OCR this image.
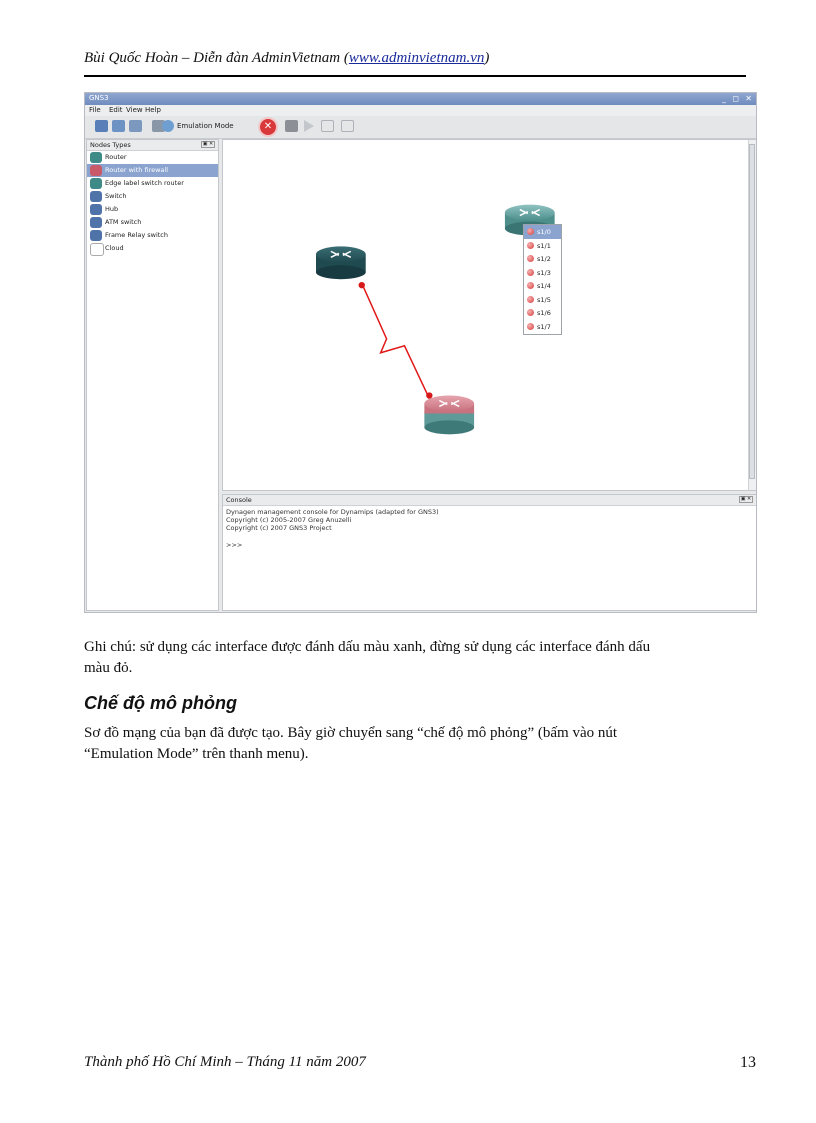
Bùi Quốc Hoàn – Diễn đàn AdminVietnam (www.adminvietnam.vn)
GNS3	_ ◻ ✕
File Edit View Help
Emulation Mode	✕
Nodes Types	▣ ✕
Router
Router with firewall
Edge label switch router
Switch
Hub
ATM switch
Frame Relay switch
Cloud
s1/0
s1/1
s1/2
s1/3
s1/4
s1/5
s1/6
s1/7
Console	▣ ✕
Dynagen management console for Dynamips (adapted for GNS3)
Copyright (c) 2005-2007 Greg Anuzelli
Copyright (c) 2007 GNS3 Project
>>>
Ghi chú: sử dụng các interface được đánh dấu màu xanh, đừng sử dụng các interface đánh dấu
màu đỏ.
Chế độ mô phỏng
Sơ đồ mạng của bạn đã được tạo. Bây giờ chuyển sang “chế độ mô phỏng” (bấm vào nút
“Emulation Mode” trên thanh menu).
Thành phố Hồ Chí Minh – Tháng 11 năm 2007	13
